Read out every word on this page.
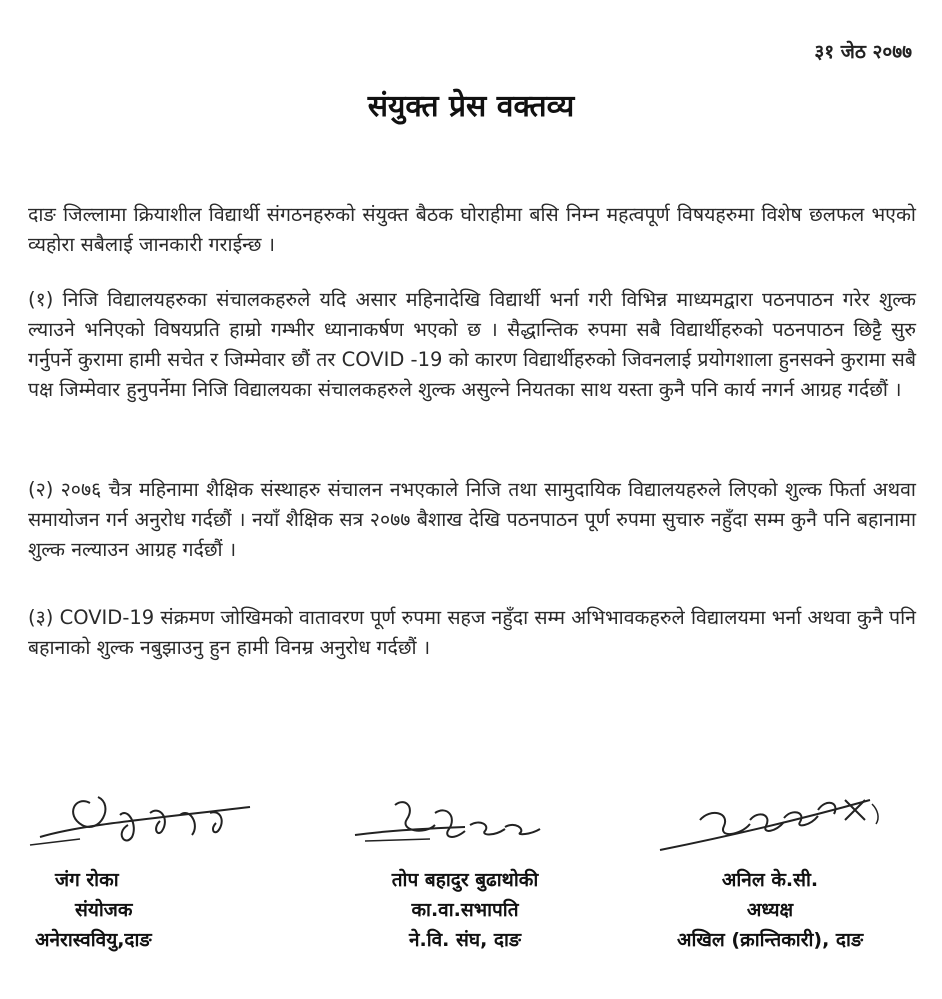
३१ जेठ २०७७
संयुक्त प्रेस वक्तव्य

दाङ जिल्लामा क्रियाशील विद्यार्थी संगठनहरुको संयुक्त बैठक घोराहीमा बसि निम्न महत्वपूर्ण विषयहरुमा विशेष छलफल भएको व्यहोरा सबैलाई जानकारी गराईन्छ ।

(१) निजि विद्यालयहरुका संचालकहरुले यदि असार महिनादेखि विद्यार्थी भर्ना गरी विभिन्न माध्यमद्वारा पठनपाठन गरेर शुल्क ल्याउने भनिएको विषयप्रति हाम्रो गम्भीर ध्यानाकर्षण भएको छ । सैद्धान्तिक रुपमा सबै विद्यार्थीहरुको पठनपाठन छिट्टै सुरु गर्नुपर्ने कुरामा हामी सचेत र जिम्मेवार छौं तर COVID -19 को कारण विद्यार्थीहरुको जिवनलाई प्रयोगशाला हुनसक्ने कुरामा सबै पक्ष जिम्मेवार हुनुपर्नेमा निजि विद्यालयका संचालकहरुले शुल्क असुल्ने नियतका साथ यस्ता कुनै पनि कार्य नगर्न आग्रह गर्दछौं ।

(२) २०७६ चैत्र महिनामा शैक्षिक संस्थाहरु संचालन नभएकाले निजि तथा सामुदायिक विद्यालयहरुले लिएको शुल्क फिर्ता अथवा समायोजन गर्न अनुरोध गर्दछौं । नयाँ शैक्षिक सत्र २०७७ बैशाख देखि पठनपाठन पूर्ण रुपमा सुचारु नहुँदा सम्म कुनै पनि बहानामा शुल्क नल्याउन आग्रह गर्दछौं ।

(३) COVID-19 संक्रमण जोखिमको वातावरण पूर्ण रुपमा सहज नहुँदा सम्म अभिभावकहरुले विद्यालयमा भर्ना अथवा कुनै पनि बहानाको शुल्क नबुझाउनु हुन हामी विनम्र अनुरोध गर्दछौं ।

जंग रोका
संयोजक
अनेरास्ववियु,दाङ
तोप बहादुर बुढाथोकी
का.वा.सभापति
ने.वि. संघ, दाङ
अनिल के.सी.
अध्यक्ष
अखिल (क्रान्तिकारी), दाङ
